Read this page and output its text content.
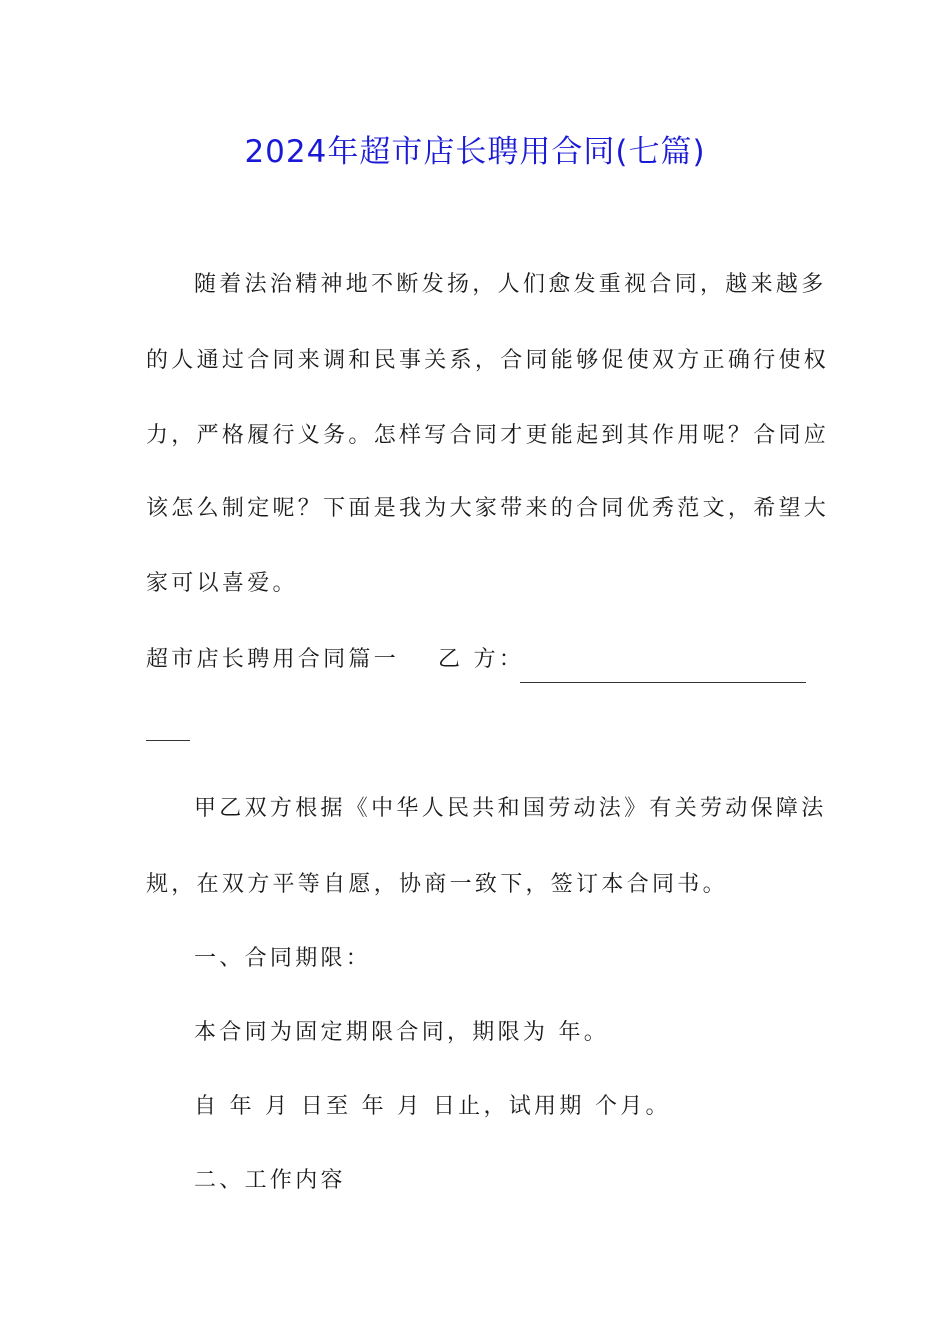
2024年超市店长聘用合同(七篇)
随着法治精神地不断发扬，人们愈发重视合同，越来越多
的人通过合同来调和民事关系，合同能够促使双方正确行使权
力，严格履行义务。怎样写合同才更能起到其作用呢？合同应
该怎么制定呢？下面是我为大家带来的合同优秀范文，希望大
家可以喜爱。
超市店长聘用合同篇一 乙 方：
甲乙双方根据《中华人民共和国劳动法》有关劳动保障法
规，在双方平等自愿，协商一致下，签订本合同书。
一、合同期限：
本合同为固定期限合同，期限为 年。
自 年 月 日至 年 月 日止，试用期 个月。
二、工作内容
